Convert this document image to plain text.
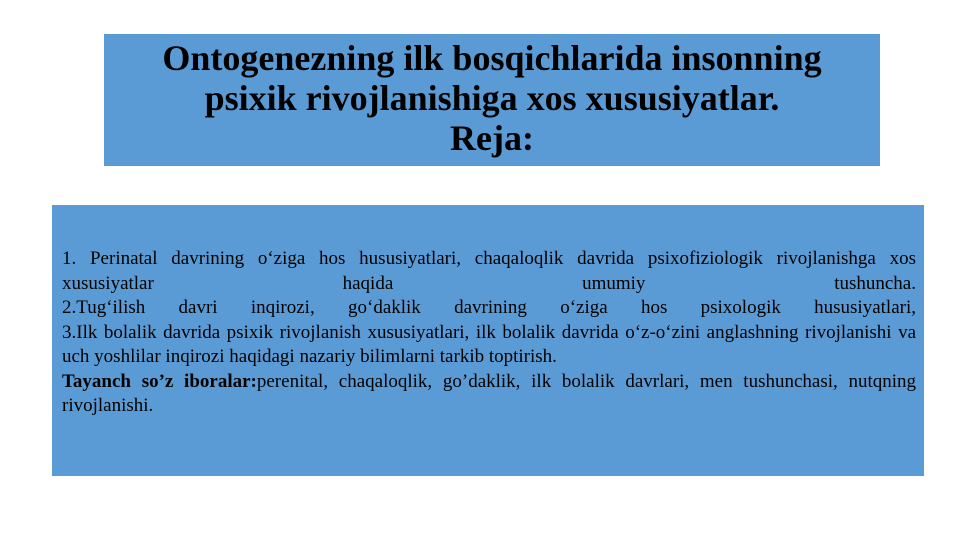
Ontogenezning ilk bosqichlarida insonning
psixik rivojlanishiga xos xususiyatlar.
Reja:
1. Perinatal davrining o‘ziga hos hususiyatlari, chaqaloqlik davrida psixofiziologik rivojlanishga xos xususiyatlar haqida umumiy tushuncha.
2.Tug‘ilish davri inqirozi, go‘daklik davrining o‘ziga hos psixologik hususiyatlari,
3.Ilk bolalik davrida psixik rivojlanish xususiyatlari, ilk bolalik davrida o‘z-o‘zini anglashning rivojlanishi va uch yoshlilar inqirozi haqidagi nazariy bilimlarni tarkib toptirish.
Tayanch so’z iboralar:perenital, chaqaloqlik, go’daklik, ilk bolalik davrlari, men tushunchasi, nutqning rivojlanishi.
